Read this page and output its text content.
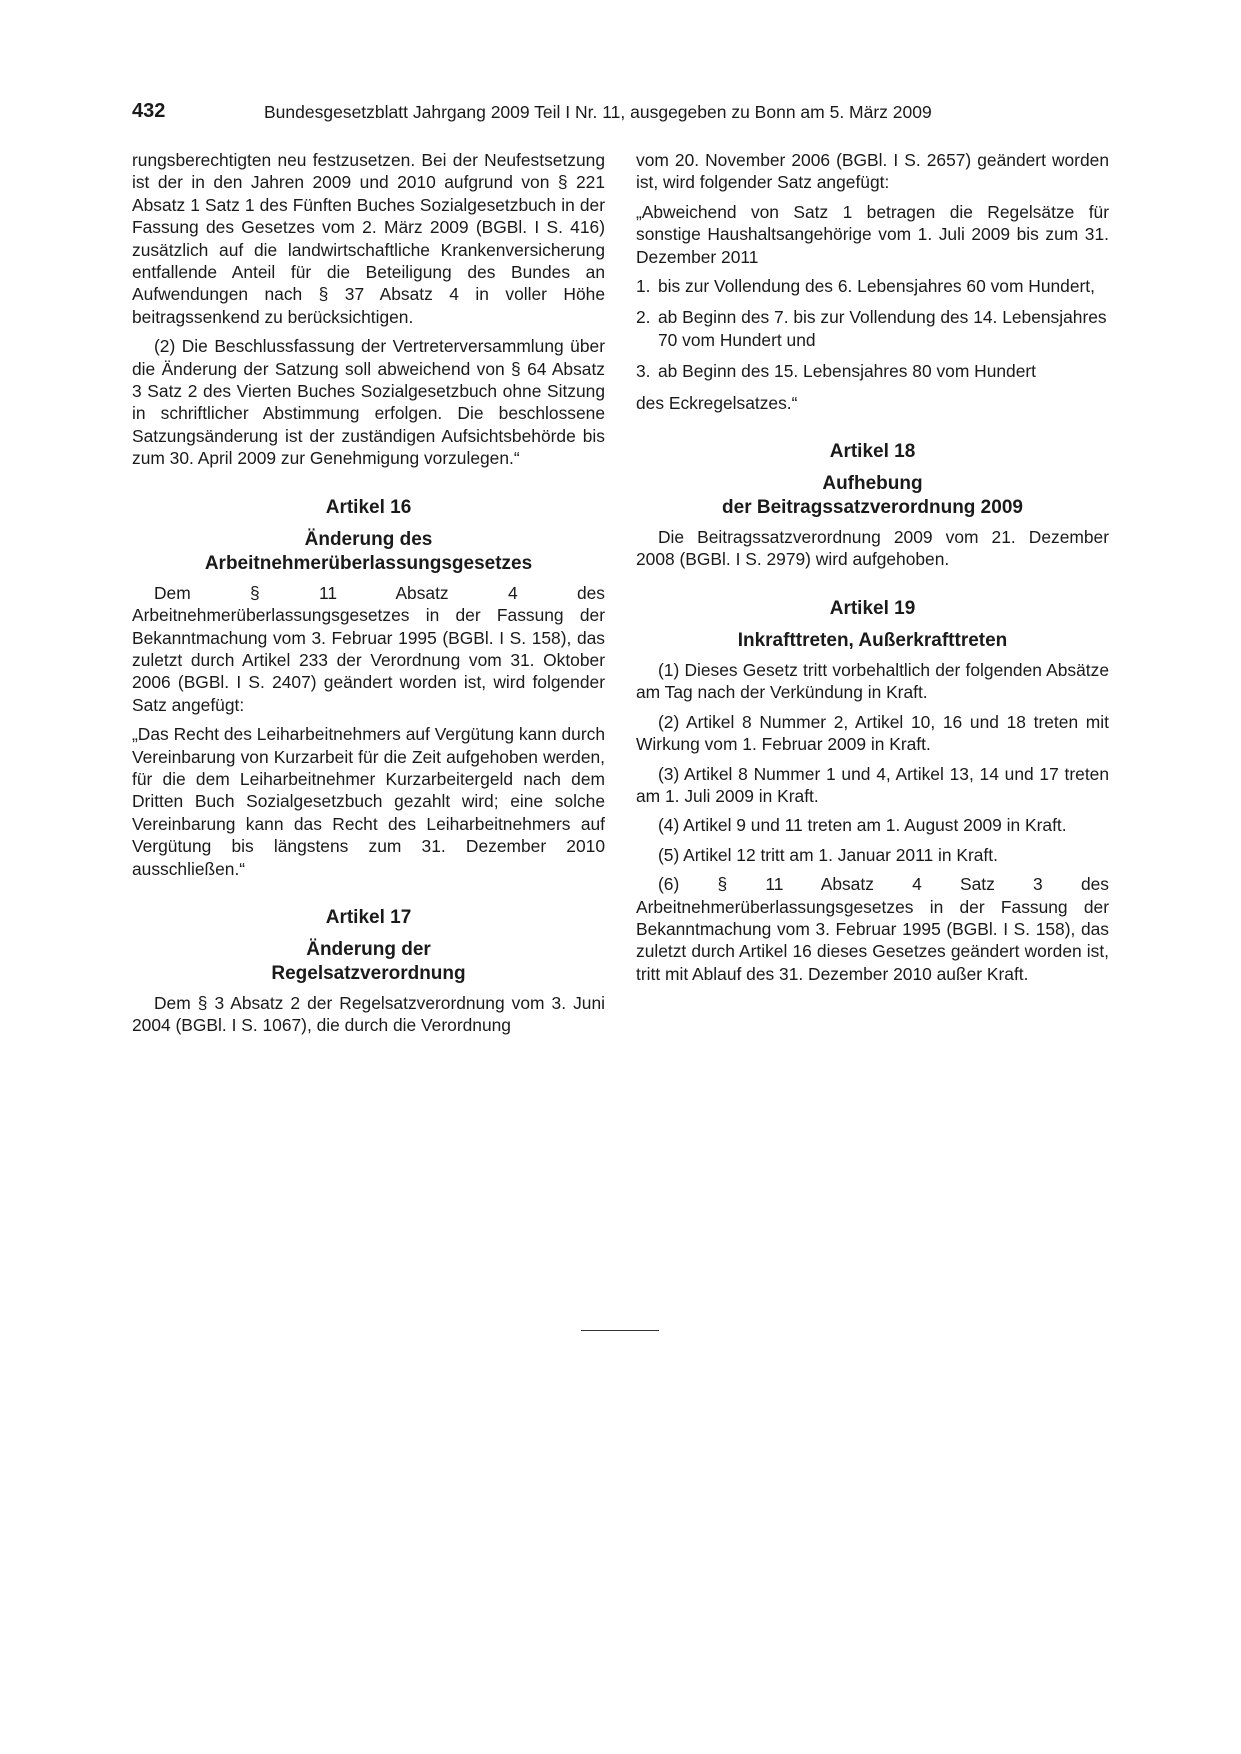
432	Bundesgesetzblatt Jahrgang 2009 Teil I Nr. 11, ausgegeben zu Bonn am 5. März 2009

rungsberechtigten neu festzusetzen. Bei der Neufestsetzung ist der in den Jahren 2009 und 2010 aufgrund von § 221 Absatz 1 Satz 1 des Fünften Buches Sozialgesetzbuch in der Fassung des Gesetzes vom 2. März 2009 (BGBl. I S. 416) zusätzlich auf die landwirtschaftliche Krankenversicherung entfallende Anteil für die Beteiligung des Bundes an Aufwendungen nach § 37 Absatz 4 in voller Höhe beitragssenkend zu berücksichtigen.

(2) Die Beschlussfassung der Vertreterversammlung über die Änderung der Satzung soll abweichend von § 64 Absatz 3 Satz 2 des Vierten Buches Sozialgesetzbuch ohne Sitzung in schriftlicher Abstimmung erfolgen. Die beschlossene Satzungsänderung ist der zuständigen Aufsichtsbehörde bis zum 30. April 2009 zur Genehmigung vorzulegen.“

Artikel 16
Änderung des
Arbeitnehmerüberlassungsgesetzes

Dem § 11 Absatz 4 des Arbeitnehmerüberlassungsgesetzes in der Fassung der Bekanntmachung vom 3. Februar 1995 (BGBl. I S. 158), das zuletzt durch Artikel 233 der Verordnung vom 31. Oktober 2006 (BGBl. I S. 2407) geändert worden ist, wird folgender Satz angefügt:

„Das Recht des Leiharbeitnehmers auf Vergütung kann durch Vereinbarung von Kurzarbeit für die Zeit aufgehoben werden, für die dem Leiharbeitnehmer Kurzarbeitergeld nach dem Dritten Buch Sozialgesetzbuch gezahlt wird; eine solche Vereinbarung kann das Recht des Leiharbeitnehmers auf Vergütung bis längstens zum 31. Dezember 2010 ausschließen.“

Artikel 17
Änderung der
Regelsatzverordnung

Dem § 3 Absatz 2 der Regelsatzverordnung vom 3. Juni 2004 (BGBl. I S. 1067), die durch die Verordnung

vom 20. November 2006 (BGBl. I S. 2657) geändert worden ist, wird folgender Satz angefügt:

„Abweichend von Satz 1 betragen die Regelsätze für sonstige Haushaltsangehörige vom 1. Juli 2009 bis zum 31. Dezember 2011

1. bis zur Vollendung des 6. Lebensjahres 60 vom Hundert,
2. ab Beginn des 7. bis zur Vollendung des 14. Lebensjahres 70 vom Hundert und
3. ab Beginn des 15. Lebensjahres 80 vom Hundert

des Eckregelsatzes.“

Artikel 18
Aufhebung
der Beitragssatzverordnung 2009

Die Beitragssatzverordnung 2009 vom 21. Dezember 2008 (BGBl. I S. 2979) wird aufgehoben.

Artikel 19
Inkrafttreten, Außerkrafttreten

(1) Dieses Gesetz tritt vorbehaltlich der folgenden Absätze am Tag nach der Verkündung in Kraft.

(2) Artikel 8 Nummer 2, Artikel 10, 16 und 18 treten mit Wirkung vom 1. Februar 2009 in Kraft.

(3) Artikel 8 Nummer 1 und 4, Artikel 13, 14 und 17 treten am 1. Juli 2009 in Kraft.

(4) Artikel 9 und 11 treten am 1. August 2009 in Kraft.

(5) Artikel 12 tritt am 1. Januar 2011 in Kraft.

(6) § 11 Absatz 4 Satz 3 des Arbeitnehmerüberlassungsgesetzes in der Fassung der Bekanntmachung vom 3. Februar 1995 (BGBl. I S. 158), das zuletzt durch Artikel 16 dieses Gesetzes geändert worden ist, tritt mit Ablauf des 31. Dezember 2010 außer Kraft.
